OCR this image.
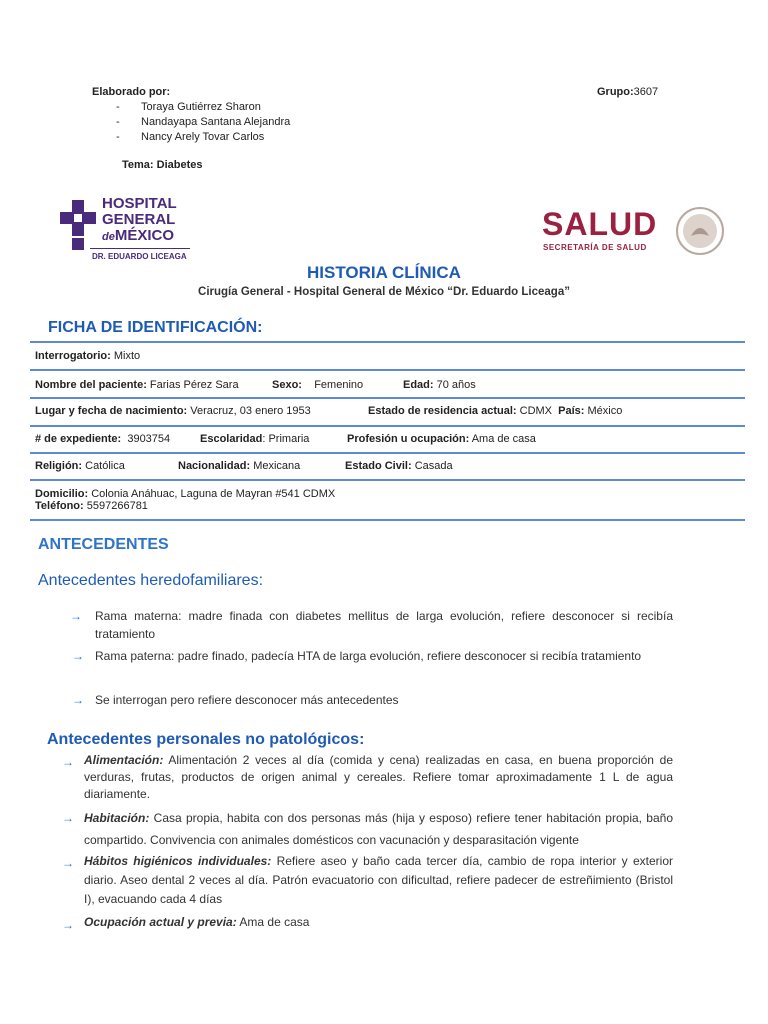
Elaborado por:	Grupo:3607
- Toraya Gutiérrez Sharon
- Nandayapa Santana Alejandra
- Nancy Arely Tovar Carlos
Tema: Diabetes
HOSPITAL
GENERAL
deMÉXICO
DR. EDUARDO LICEAGA
SALUD
SECRETARÍA DE SALUD
HISTORIA CLÍNICA
Cirugía General - Hospital General de México “Dr. Eduardo Liceaga”
FICHA DE IDENTIFICACIÓN:
Interrogatorio: Mixto
Nombre del paciente: Farias Pérez Sara	Sexo: Femenino	Edad: 70 años
Lugar y fecha de nacimiento: Veracruz, 03 enero 1953	Estado de residencia actual: CDMX País: México
# de expediente: 3903754	Escolaridad: Primaria	Profesión u ocupación: Ama de casa
Religión: Católica	Nacionalidad: Mexicana	Estado Civil: Casada
Domicilio: Colonia Anáhuac, Laguna de Mayran #541 CDMX
Teléfono: 5597266781
ANTECEDENTES
Antecedentes heredofamiliares:
→ Rama materna: madre finada con diabetes mellitus de larga evolución, refiere desconocer si recibía tratamiento
→ Rama paterna: padre finado, padecía HTA de larga evolución, refiere desconocer si recibía tratamiento
→ Se interrogan pero refiere desconocer más antecedentes
Antecedentes personales no patológicos:
→ Alimentación: Alimentación 2 veces al día (comida y cena) realizadas en casa, en buena proporción de verduras, frutas, productos de origen animal y cereales. Refiere tomar aproximadamente 1 L de agua diariamente.
→ Habitación: Casa propia, habita con dos personas más (hija y esposo) refiere tener habitación propia, baño compartido. Convivencia con animales domésticos con vacunación y desparasitación vigente
→ Hábitos higiénicos individuales: Refiere aseo y baño cada tercer día, cambio de ropa interior y exterior diario. Aseo dental 2 veces al día. Patrón evacuatorio con dificultad, refiere padecer de estreñimiento (Bristol I), evacuando cada 4 días
→ Ocupación actual y previa: Ama de casa
